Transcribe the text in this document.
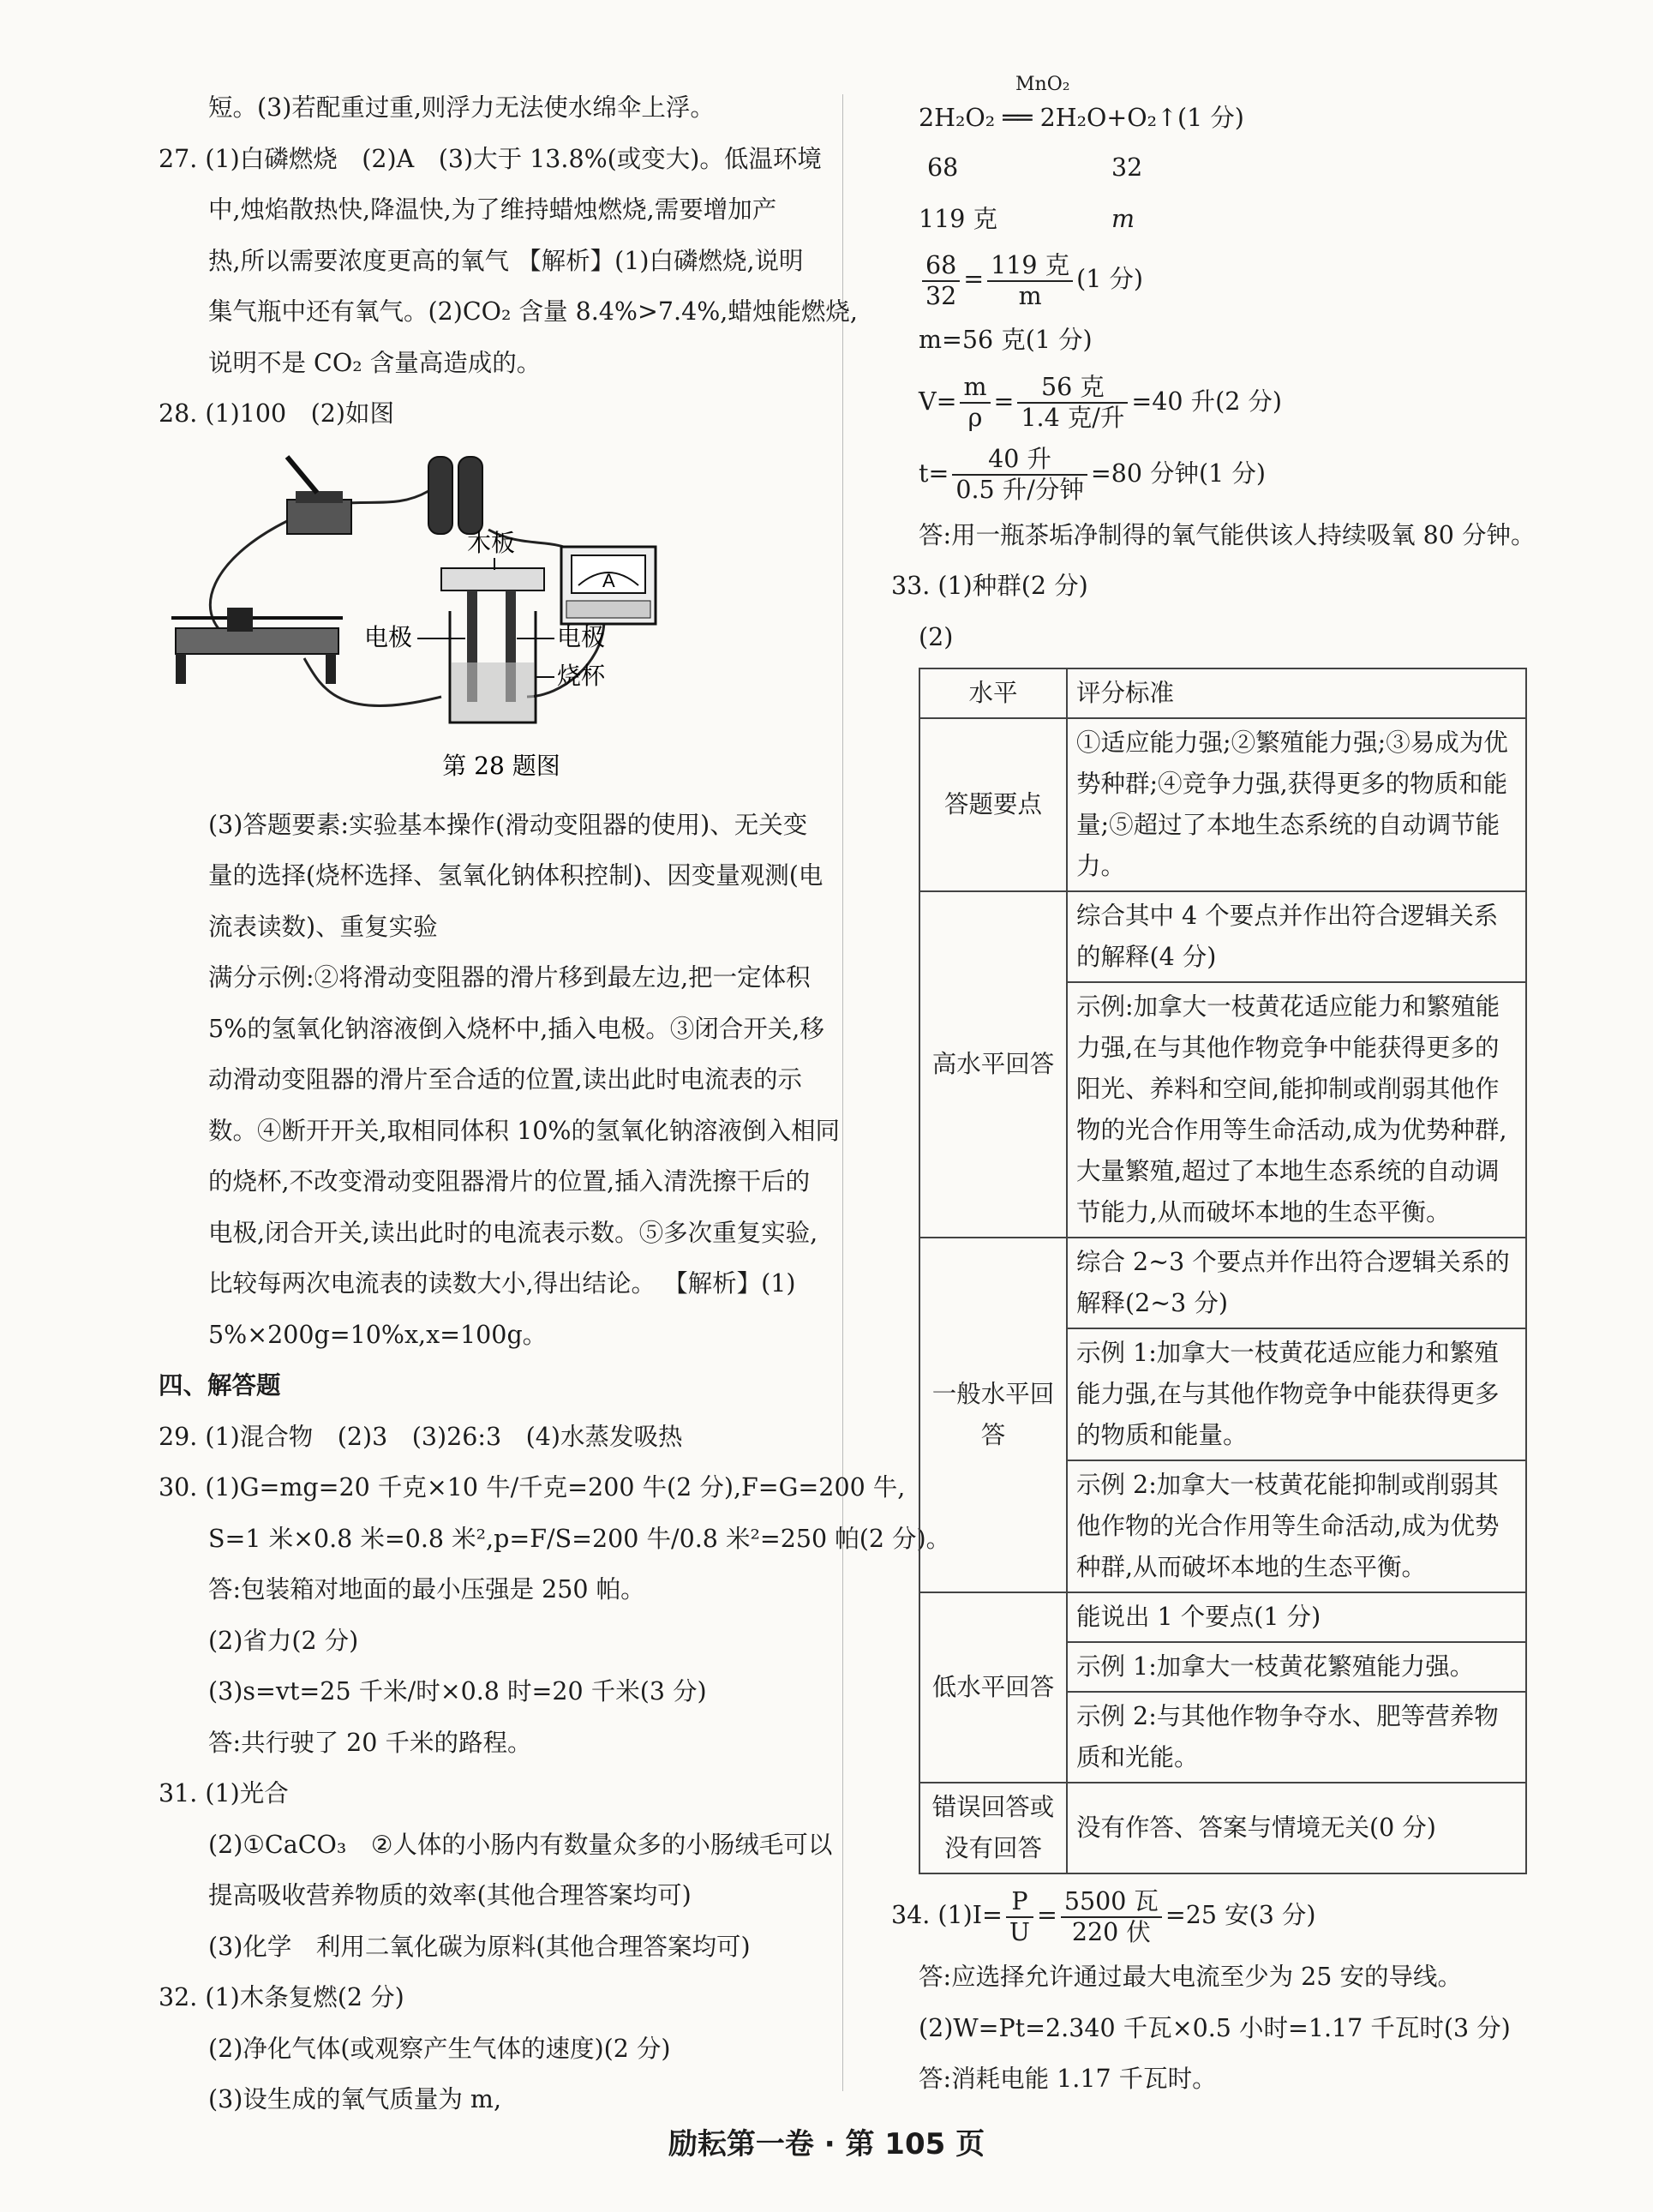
短。(3)若配重过重,则浮力无法使水绵伞上浮。
27. (1)白磷燃烧　(2)A　(3)大于 13.8%(或变大)。低温环境
中,烛焰散热快,降温快,为了维持蜡烛燃烧,需要增加产
热,所以需要浓度更高的氧气 【解析】(1)白磷燃烧,说明
集气瓶中还有氧气。(2)CO₂ 含量 8.4%>7.4%,蜡烛能燃烧,
说明不是 CO₂ 含量高造成的。
28. (1)100　(2)如图
A
木板
电极	电极
烧杯
第 28 题图
(3)答题要素:实验基本操作(滑动变阻器的使用)、无关变
量的选择(烧杯选择、氢氧化钠体积控制)、因变量观测(电
流表读数)、重复实验
满分示例:②将滑动变阻器的滑片移到最左边,把一定体积
5%的氢氧化钠溶液倒入烧杯中,插入电极。③闭合开关,移
动滑动变阻器的滑片至合适的位置,读出此时电流表的示
数。④断开开关,取相同体积 10%的氢氧化钠溶液倒入相同
的烧杯,不改变滑动变阻器滑片的位置,插入清洗擦干后的
电极,闭合开关,读出此时的电流表示数。⑤多次重复实验,
比较每两次电流表的读数大小,得出结论。 【解析】(1)
5%×200g=10%x,x=100g。
四、解答题
29. (1)混合物　(2)3　(3)26:3　(4)水蒸发吸热
30. (1)G=mg=20 千克×10 牛/千克=200 牛(2 分),F=G=200 牛,
S=1 米×0.8 米=0.8 米²,p=F/S=200 牛/0.8 米²=250 帕(2 分)。
答:包装箱对地面的最小压强是 250 帕。
(2)省力(2 分)
(3)s=vt=25 千米/时×0.8 时=20 千米(3 分)
答:共行驶了 20 千米的路程。
31. (1)光合
(2)①CaCO₃　②人体的小肠内有数量众多的小肠绒毛可以
提高吸收营养物质的效率(其他合理答案均可)
(3)化学　利用二氧化碳为原料(其他合理答案均可)
32. (1)木条复燃(2 分)
(2)净化气体(或观察产生气体的速度)(2 分)
(3)设生成的氧气质量为 m,
MnO₂
2H₂O₂ ══ 2H₂O+O₂↑(1 分)
68	32
119 克	m
$\frac{68}{32} = \frac{\text{119 克}}{m} (1$ 分)
m=56 克(1 分)
$V= \frac{m}{\rho} = \frac{\text{56 克}}{\text{1.4 克/升}} =40$ 升(2 分)
$t= \frac{\text{40 升}}{\text{0.5 升/分钟}} =80$ 分钟(1 分)
答:用一瓶茶垢净制得的氧气能供该人持续吸氧 80 分钟。
33. (1)种群(2 分)
(2)
水平	评分标准
答题要点	①适应能力强;②繁殖能力强;③易成为优势种群;④竞争力强,获得更多的物质和能量;⑤超过了本地生态系统的自动调节能力。
高水平回答	综合其中 4 个要点并作出符合逻辑关系的解释(4 分)
	示例:加拿大一枝黄花适应能力和繁殖能力强,在与其他作物竞争中能获得更多的阳光、养料和空间,能抑制或削弱其他作物的光合作用等生命活动,成为优势种群,大量繁殖,超过了本地生态系统的自动调节能力,从而破坏本地的生态平衡。
一般水平回答	综合 2~3 个要点并作出符合逻辑关系的解释(2~3 分)
	示例 1:加拿大一枝黄花适应能力和繁殖能力强,在与其他作物竞争中能获得更多的物质和能量。
	示例 2:加拿大一枝黄花能抑制或削弱其他作物的光合作用等生命活动,成为优势种群,从而破坏本地的生态平衡。
低水平回答	能说出 1 个要点(1 分)
	示例 1:加拿大一枝黄花繁殖能力强。
	示例 2:与其他作物争夺水、肥等营养物质和光能。
错误回答或没有回答	没有作答、答案与情境无关(0 分)
34. $(1)I= \frac{P}{U} = \frac{\text{5500 瓦}}{\text{220 伏}} =25$ 安(3 分)
答:应选择允许通过最大电流至少为 25 安的导线。
(2)W=Pt=2.340 千瓦×0.5 小时=1.17 千瓦时(3 分)
答:消耗电能 1.17 千瓦时。
励耘第一卷 · 第 105 页
